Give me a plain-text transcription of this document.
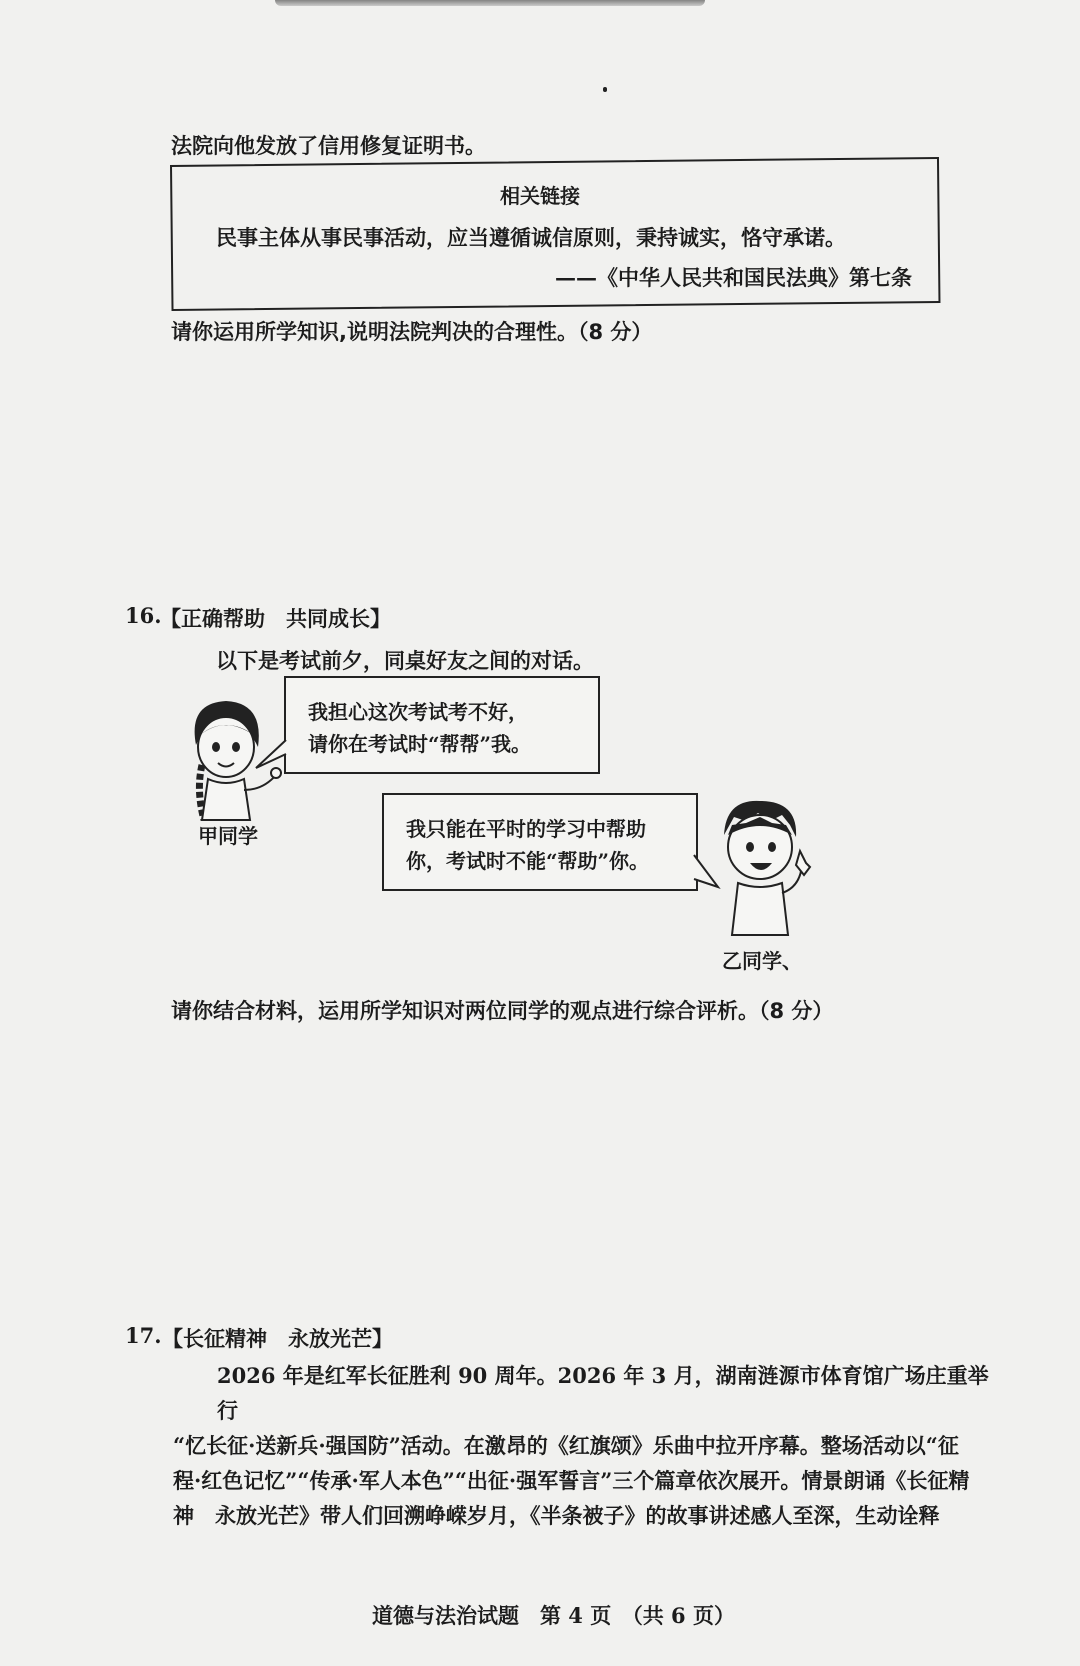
法院向他发放了信用修复证明书。
相关链接
民事主体从事民事活动，应当遵循诚信原则，秉持诚实，恪守承诺。
——《中华人民共和国民法典》第七条
请你运用所学知识,说明法院判决的合理性。（8 分）
16.
【正确帮助　共同成长】
以下是考试前夕，同桌好友之间的对话。
我担心这次考试考不好，
请你在考试时“帮帮”我。
甲同学	我只能在平时的学习中帮助
你，考试时不能“帮助”你。
乙同学、
请你结合材料，运用所学知识对两位同学的观点进行综合评析。（8 分）
17. 【长征精神　永放光芒】
2026 年是红军长征胜利 90 周年。2026 年 3 月，湖南涟源市体育馆广场庄重举行
“忆长征·送新兵·强国防”活动。在激昂的《红旗颂》乐曲中拉开序幕。整场活动以“征
程·红色记忆”“传承·军人本色”“出征·强军誓言”三个篇章依次展开。情景朗诵《长征精
神　永放光芒》带人们回溯峥嵘岁月，《半条被子》的故事讲述感人至深，生动诠释
道德与法治试题　第 4 页　（共 6 页）
